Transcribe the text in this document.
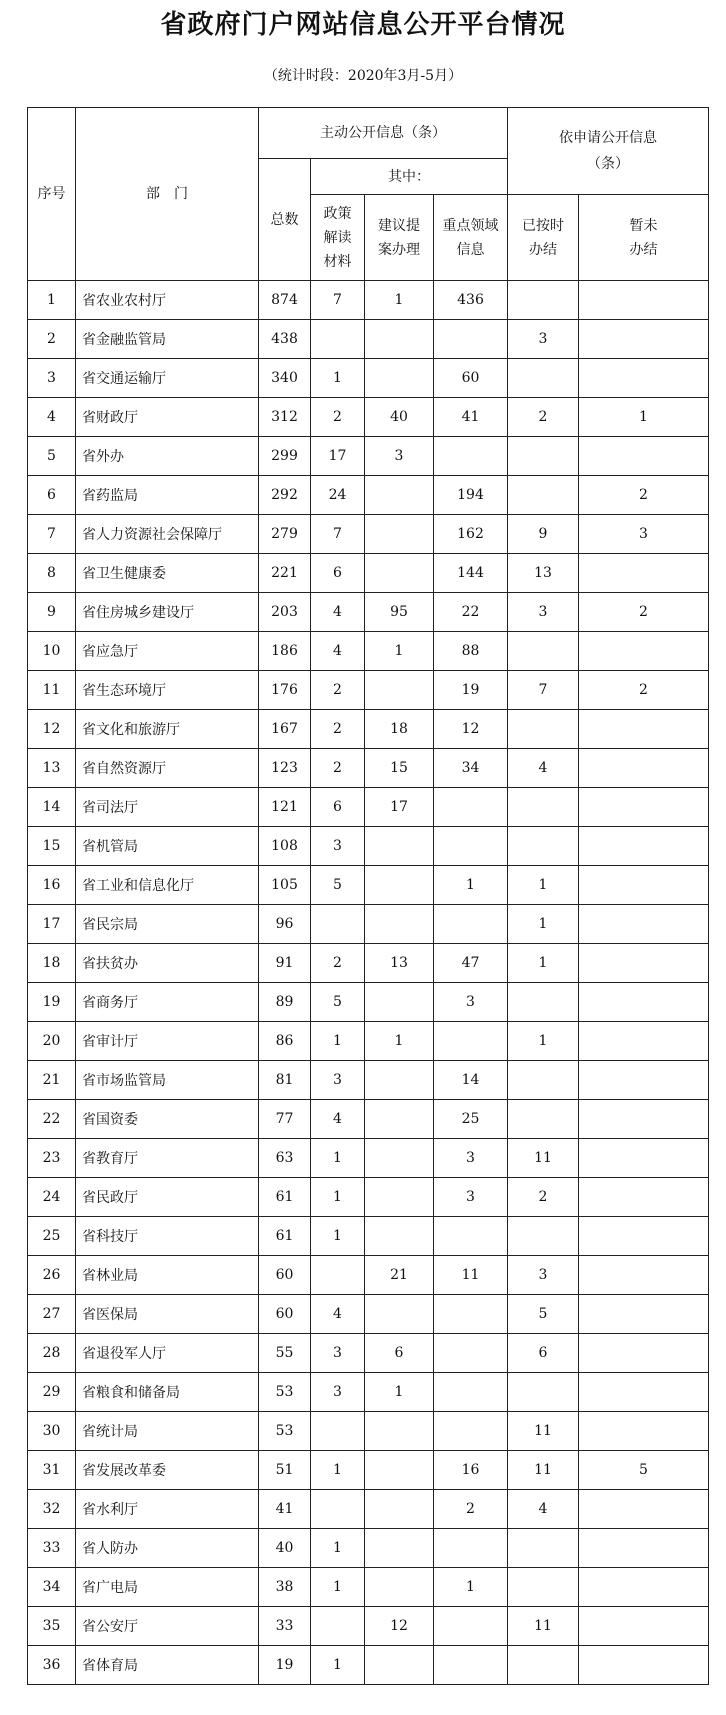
省政府门户网站信息公开平台情况
（统计时段：2020年3月-5月）
序号	部　门	主动公开信息（条）				依申请公开信息（条）	
		总数	其中：				
			政策解读材料	建议提案办理	重点领域信息	已按时办结	暂未办结

1	省农业农村厅	874	7	1	436		
2	省金融监管局	438				3	
3	省交通运输厅	340	1		60		
4	省财政厅	312	2	40	41	2	1
5	省外办	299	17	3			
6	省药监局	292	24		194		2
7	省人力资源社会保障厅	279	7		162	9	3
8	省卫生健康委	221	6		144	13	
9	省住房城乡建设厅	203	4	95	22	3	2
10	省应急厅	186	4	1	88		
11	省生态环境厅	176	2		19	7	2
12	省文化和旅游厅	167	2	18	12		
13	省自然资源厅	123	2	15	34	4	
14	省司法厅	121	6	17			
15	省机管局	108	3				
16	省工业和信息化厅	105	5		1	1	
17	省民宗局	96				1	
18	省扶贫办	91	2	13	47	1	
19	省商务厅	89	5		3		
20	省审计厅	86	1	1		1	
21	省市场监管局	81	3		14		
22	省国资委	77	4		25		
23	省教育厅	63	1		3	11	
24	省民政厅	61	1		3	2	
25	省科技厅	61	1				
26	省林业局	60		21	11	3	
27	省医保局	60	4			5	
28	省退役军人厅	55	3	6		6	
29	省粮食和储备局	53	3	1			
30	省统计局	53				11	
31	省发展改革委	51	1		16	11	5
32	省水利厅	41			2	4	
33	省人防办	40	1				
34	省广电局	38	1		1		
35	省公安厅	33		12		11	
36	省体育局	19	1				
